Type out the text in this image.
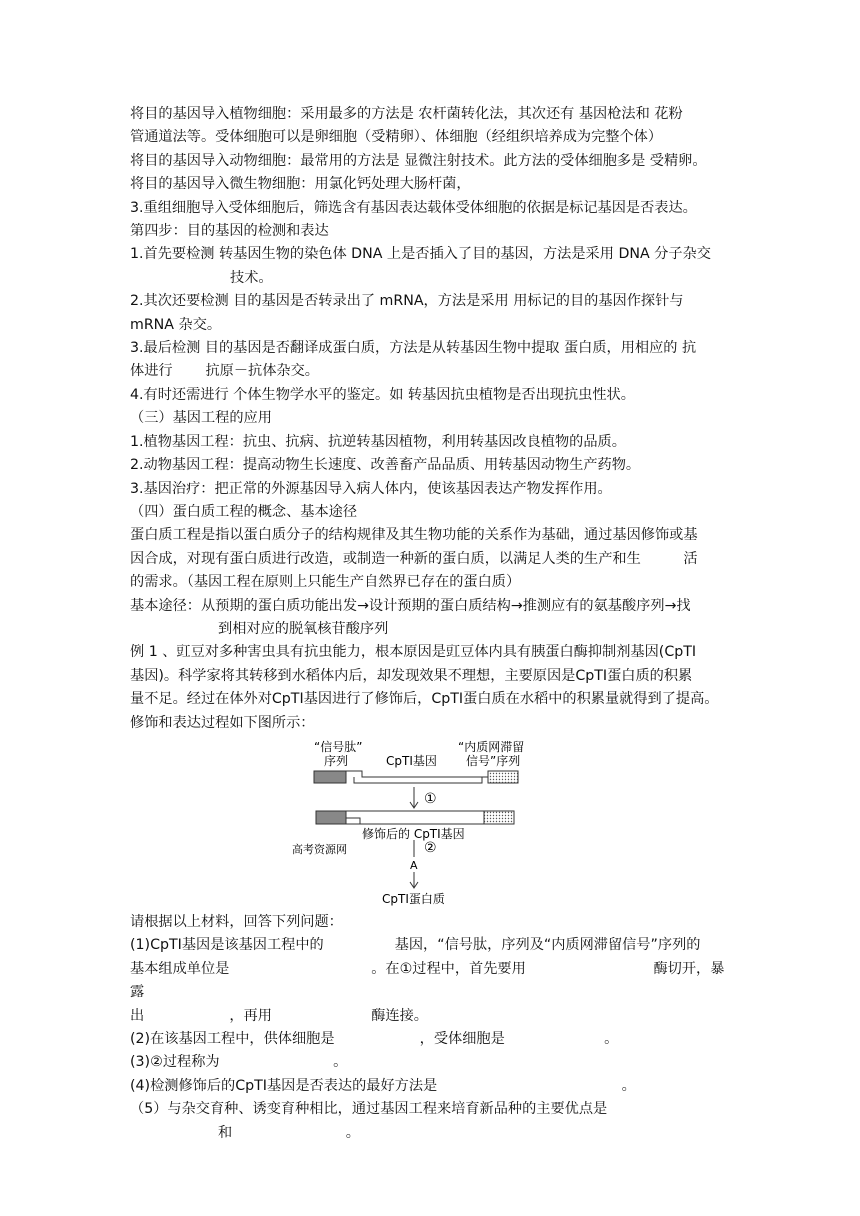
将目的基因导入植物细胞：采用最多的方法是 农杆菌转化法，其次还有 基因枪法和 花粉

管通道法等。受体细胞可以是卵细胞（受精卵）、体细胞（经组织培养成为完整个体）

将目的基因导入动物细胞：最常用的方法是 显微注射技术。此方法的受体细胞多是 受精卵。

将目的基因导入微生物细胞：用氯化钙处理大肠杆菌，

3.重组细胞导入受体细胞后，筛选含有基因表达载体受体细胞的依据是标记基因是否表达。

第四步：目的基因的检测和表达

1.首先要检测 转基因生物的染色体 DNA 上是否插入了目的基因，方法是采用 DNA 分子杂交

技术。

2.其次还要检测 目的基因是否转录出了 mRNA，方法是采用 用标记的目的基因作探针与

mRNA 杂交。

3.最后检测 目的基因是否翻译成蛋白质，方法是从转基因生物中提取 蛋白质，用相应的 抗

体进行 　　抗原－抗体杂交。

4.有时还需进行 个体生物学水平的鉴定。如 转基因抗虫植物是否出现抗虫性状。

（三）基因工程的应用

1.植物基因工程：抗虫、抗病、抗逆转基因植物，利用转基因改良植物的品质。

2.动物基因工程：提高动物生长速度、改善畜产品品质、用转基因动物生产药物。

3.基因治疗：把正常的外源基因导入病人体内，使该基因表达产物发挥作用。

（四）蛋白质工程的概念、基本途径

蛋白质工程是指以蛋白质分子的结构规律及其生物功能的关系作为基础，通过基因修饰或基

因合成，对现有蛋白质进行改造，或制造一种新的蛋白质，以满足人类的生产和生　　　活

的需求。（基因工程在原则上只能生产自然界已存在的蛋白质）

基本途径：从预期的蛋白质功能出发→设计预期的蛋白质结构→推测应有的氨基酸序列→找

到相对应的脱氧核苷酸序列

例 1 、豇豆对多种害虫具有抗虫能力，根本原因是豇豆体内具有胰蛋白酶抑制剂基因(CpTI

基因)。科学家将其转移到水稻体内后，却发现效果不理想，主要原因是CpTI蛋白质的积累

量不足。经过在体外对CpTI基因进行了修饰后，CpTI蛋白质在水稻中的积累量就得到了提高。

修饰和表达过程如下图所示：

“信号肽”
序列	CpTI基因
“内质网滞留
信号”序列
①
修饰后的 CpTI基因
②
高考资源网
A
CpTI蛋白质

请根据以上材料，回答下列问题：

(1)CpTI基因是该基因工程中的　　　　　基因，“信号肽，序列及“内质网滞留信号”序列的

基本组成单位是　　　　　　　　　　。在①过程中，首先要用　　　　　　　　　酶切开，暴露

出　　　　　　，再用　　　　　　　酶连接。

(2)在该基因工程中，供体细胞是　　　　　　，受体细胞是　　　　　　　。

(3)②过程称为　　　　　　　　。

(4)检测修饰后的CpTI基因是否表达的最好方法是　　　　　　　　　　　　　。

（5）与杂交育种、诱变育种相比，通过基因工程来培育新品种的主要优点是

和　　　　　　　　。
